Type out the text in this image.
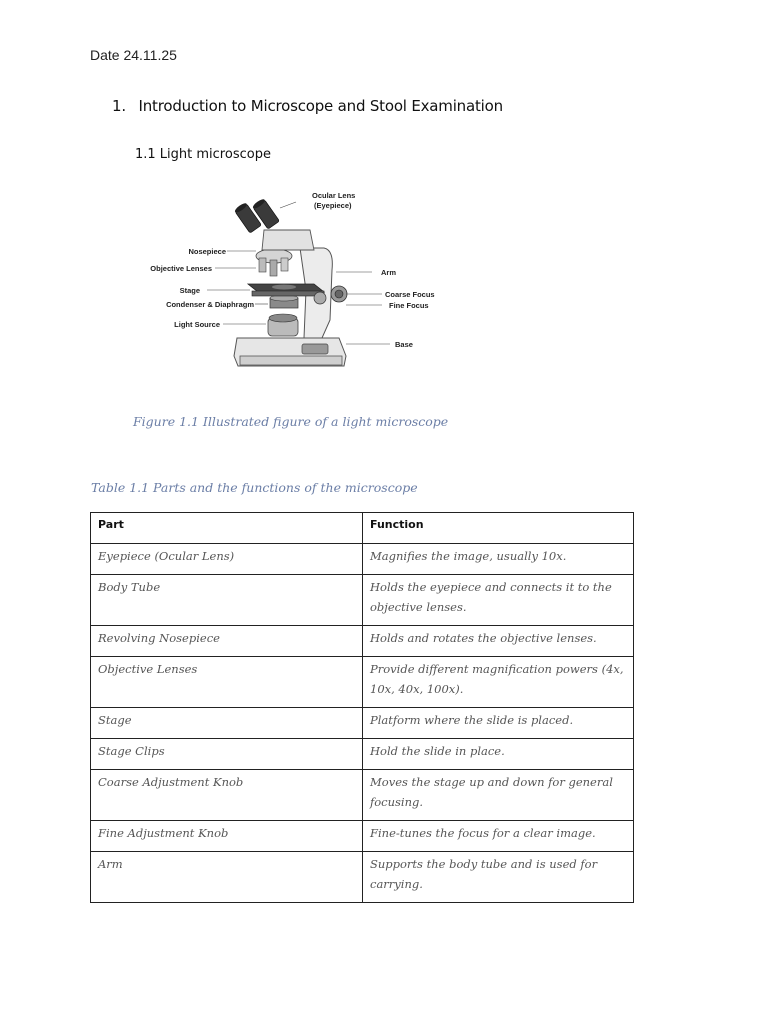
Date 24.11.25
1. Introduction to Microscope and Stool Examination
1.1 Light microscope
Ocular Lens
(Eyepiece)
Nosepiece
Objective Lenses
Stage
Condenser & Diaphragm
Light Source
Arm
Coarse Focus
Fine Focus
Base
Figure 1.1 Illustrated figure of a light microscope
Table 1.1 Parts and the functions of the microscope
Part	Function
Eyepiece (Ocular Lens)	Magnifies the image, usually 10x.
Body Tube	Holds the eyepiece and connects it to the objective lenses.
Revolving Nosepiece	Holds and rotates the objective lenses.
Objective Lenses	Provide different magnification powers (4x, 10x, 40x, 100x).
Stage	Platform where the slide is placed.
Stage Clips	Hold the slide in place.
Coarse Adjustment Knob	Moves the stage up and down for general focusing.
Fine Adjustment Knob	Fine-tunes the focus for a clear image.
Arm	Supports the body tube and is used for carrying.
